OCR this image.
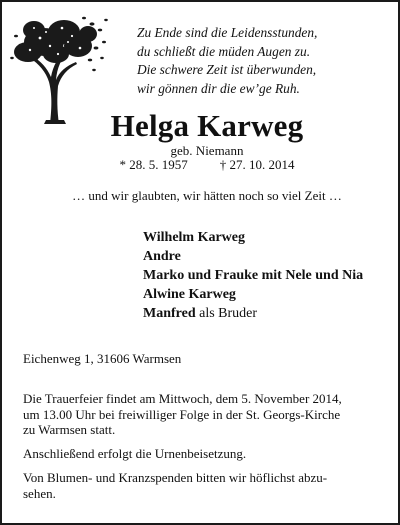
Zu Ende sind die Leidensstunden,
du schließt die müden Augen zu.
Die schwere Zeit ist überwunden,
wir gönnen dir die ew’ge Ruh.
Helga Karweg
geb. Niemann
* 28. 5. 1957 † 27. 10. 2014
… und wir glaubten, wir hätten noch so viel Zeit …
Wilhelm Karweg
Andre
Marko und Frauke mit Nele und Nia
Alwine Karweg
Manfred als Bruder
Eichenweg 1, 31606 Warmsen
Die Trauerfeier findet am Mittwoch, dem 5. November 2014,
um 13.00 Uhr bei freiwilliger Folge in der St. Georgs-Kirche
zu Warmsen statt.
Anschließend erfolgt die Urnenbeisetzung.
Von Blumen- und Kranzspenden bitten wir höflichst abzu-
sehen.
